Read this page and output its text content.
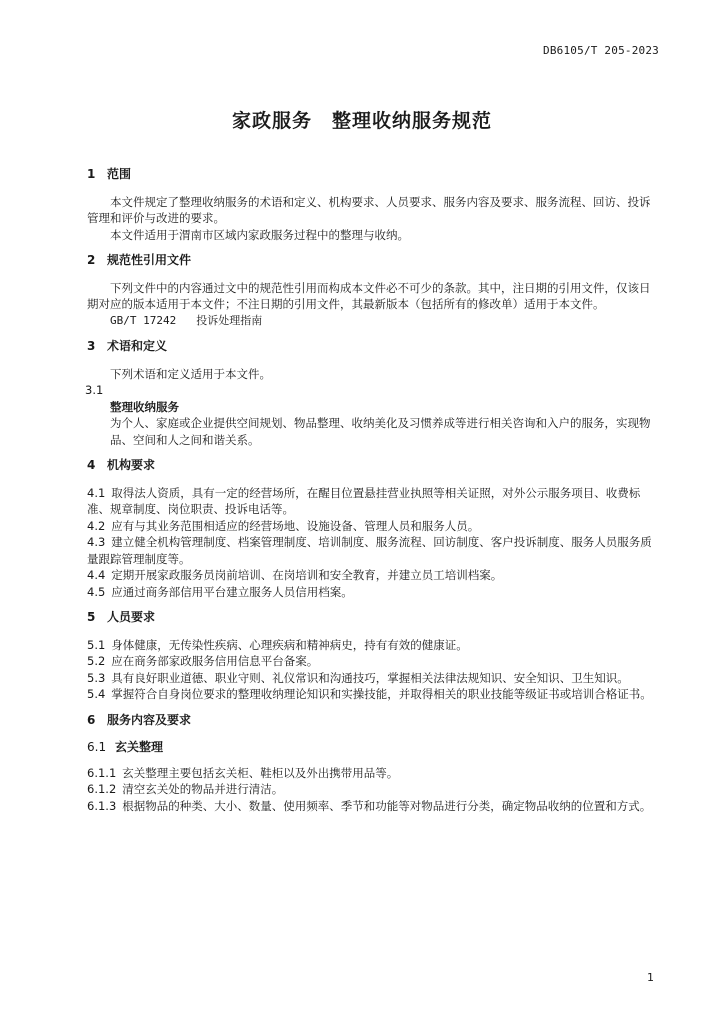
DB6105/T 205-2023
家政服务　整理收纳服务规范
1 范围

本文件规定了整理收纳服务的术语和定义、机构要求、人员要求、服务内容及要求、服务流程、回访、投诉管理和评价与改进的要求。

本文件适用于渭南市区域内家政服务过程中的整理与收纳。

2 规范性引用文件

下列文件中的内容通过文中的规范性引用而构成本文件必不可少的条款。其中，注日期的引用文件，仅该日期对应的版本适用于本文件；不注日期的引用文件，其最新版本（包括所有的修改单）适用于本文件。

GB/T 17242 投诉处理指南

3 术语和定义

下列术语和定义适用于本文件。

3.1

整理收纳服务

为个人、家庭或企业提供空间规划、物品整理、收纳美化及习惯养成等进行相关咨询和入户的服务，实现物品、空间和人之间和谐关系。

4 机构要求

4.1 取得法人资质，具有一定的经营场所，在醒目位置悬挂营业执照等相关证照，对外公示服务项目、收费标准、规章制度、岗位职责、投诉电话等。

4.2 应有与其业务范围相适应的经营场地、设施设备、管理人员和服务人员。

4.3 建立健全机构管理制度、档案管理制度、培训制度、服务流程、回访制度、客户投诉制度、服务人员服务质量跟踪管理制度等。

4.4 定期开展家政服务员岗前培训、在岗培训和安全教育，并建立员工培训档案。

4.5 应通过商务部信用平台建立服务人员信用档案。

5 人员要求

5.1 身体健康，无传染性疾病、心理疾病和精神病史，持有有效的健康证。

5.2 应在商务部家政服务信用信息平台备案。

5.3 具有良好职业道德、职业守则、礼仪常识和沟通技巧，掌握相关法律法规知识、安全知识、卫生知识。

5.4 掌握符合自身岗位要求的整理收纳理论知识和实操技能，并取得相关的职业技能等级证书或培训合格证书。

6 服务内容及要求
6.1 玄关整理

6.1.1 玄关整理主要包括玄关柜、鞋柜以及外出携带用品等。

6.1.2 清空玄关处的物品并进行清洁。

6.1.3 根据物品的种类、大小、数量、使用频率、季节和功能等对物品进行分类，确定物品收纳的位置和方式。

1
